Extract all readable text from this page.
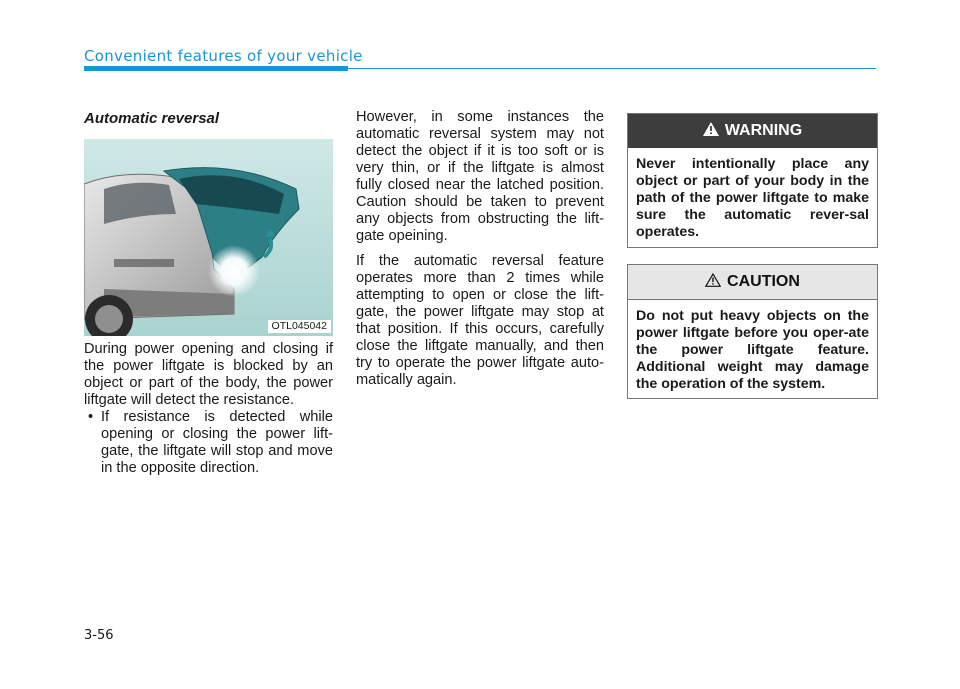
Convenient features of your vehicle
Automatic reversal
OTL045042

During power opening and closing if the power liftgate is blocked by an object or part of the body, the power liftgate will detect the resistance.

• If resistance is detected while opening or closing the power lift-gate, the liftgate will stop and move in the opposite direction.

However, in some instances the automatic reversal system may not detect the object if it is too soft or is very thin, or if the liftgate is almost fully closed near the latched position. Caution should be taken to prevent any objects from obstructing the lift-gate opeining.

If the automatic reversal feature operates more than 2 times while attempting to open or close the lift-gate, the power liftgate may stop at that position. If this occurs, carefully close the liftgate manually, and then try to operate the power liftgate auto-matically again.

WARNING
Never intentionally place any object or part of your body in the path of the power liftgate to make sure the automatic rever-sal operates.
CAUTION
Do not put heavy objects on the power liftgate before you oper-ate the power liftgate feature. Additional weight may damage the operation of the system.
3-56
